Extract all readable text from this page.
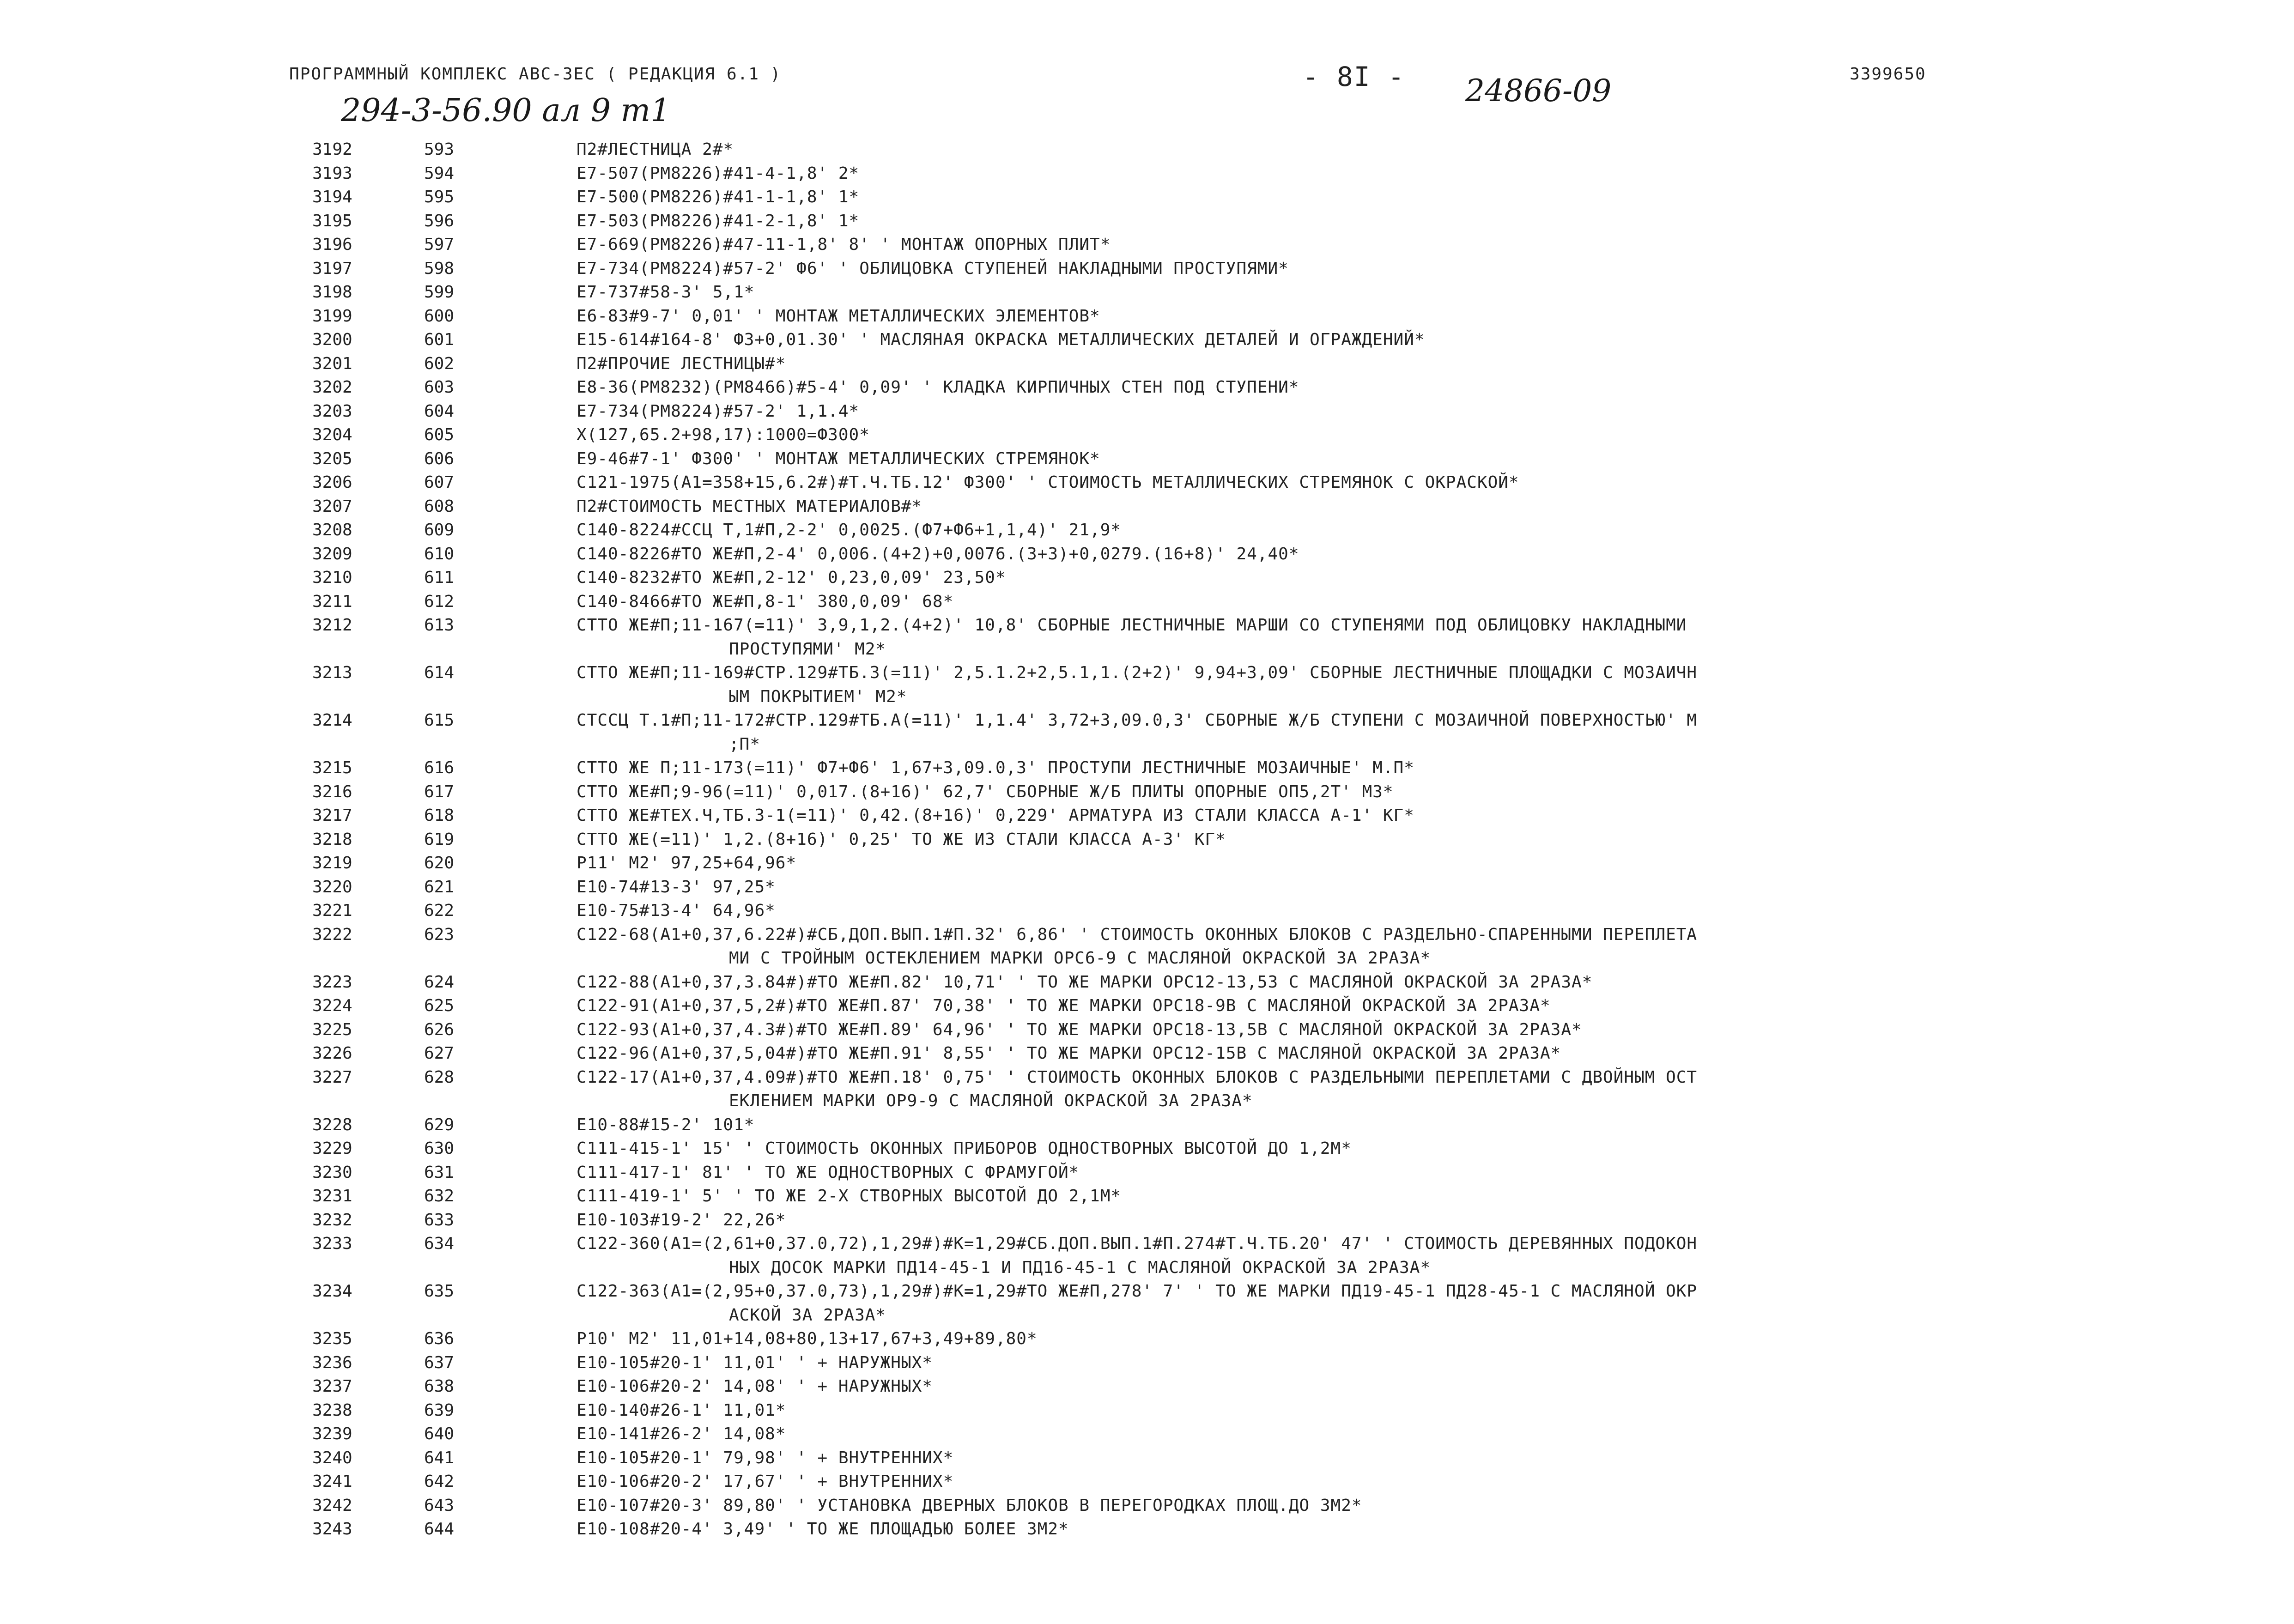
ПРОГРАММНЫЙ КОМПЛЕКС АВС-3ЕС ( РЕДАКЦИЯ 6.1 )	- 8I - 24866-09	3399650
294-3-56.90 ал 9 т1
3192	593	П2#ЛЕСТНИЦА 2#*
3193	594	Е7-507(РМ8226)#41-4-1,8' 2*
3194	595	Е7-500(РМ8226)#41-1-1,8' 1*
3195	596	Е7-503(РМ8226)#41-2-1,8' 1*
3196	597	Е7-669(РМ8226)#47-11-1,8' 8' ' МОНТАЖ ОПОРНЫХ ПЛИТ*
3197	598	Е7-734(РМ8224)#57-2' Ф6' ' ОБЛИЦОВКА СТУПЕНЕЙ НАКЛАДНЫМИ ПРОСТУПЯМИ*
3198	599	Е7-737#58-3' 5,1*
3199	600	Е6-83#9-7' 0,01' ' МОНТАЖ МЕТАЛЛИЧЕСКИХ ЭЛЕМЕНТОВ*
3200	601	Е15-614#164-8' Ф3+0,01.30' ' МАСЛЯНАЯ ОКРАСКА МЕТАЛЛИЧЕСКИХ ДЕТАЛЕЙ И ОГРАЖДЕНИЙ*
3201	602	П2#ПРОЧИЕ ЛЕСТНИЦЫ#*
3202	603	Е8-36(РМ8232)(РМ8466)#5-4' 0,09' ' КЛАДКА КИРПИЧНЫХ СТЕН ПОД СТУПЕНИ*
3203	604	Е7-734(РМ8224)#57-2' 1,1.4*
3204	605	Х(127,65.2+98,17):1000=Ф300*
3205	606	Е9-46#7-1' Ф300' ' МОНТАЖ МЕТАЛЛИЧЕСКИХ СТРЕМЯНОК*
3206	607	С121-1975(А1=358+15,6.2#)#Т.Ч.ТБ.12' Ф300' ' СТОИМОСТЬ МЕТАЛЛИЧЕСКИХ СТРЕМЯНОК С ОКРАСКОЙ*
3207	608	П2#СТОИМОСТЬ МЕСТНЫХ МАТЕРИАЛОВ#*
3208	609	С140-8224#ССЦ Т,1#П,2-2' 0,0025.(Ф7+Ф6+1,1,4)' 21,9*
3209	610	С140-8226#ТО ЖЕ#П,2-4' 0,006.(4+2)+0,0076.(3+3)+0,0279.(16+8)' 24,40*
3210	611	С140-8232#ТО ЖЕ#П,2-12' 0,23,0,09' 23,50*
3211	612	С140-8466#ТО ЖЕ#П,8-1' 380,0,09' 68*
3212	613	СТТО ЖЕ#П;11-167(=11)' 3,9,1,2.(4+2)' 10,8' СБОРНЫЕ ЛЕСТНИЧНЫЕ МАРШИ СО СТУПЕНЯМИ ПОД ОБЛИЦОВКУ НАКЛАДНЫМИ
ПРОСТУПЯМИ' М2*
3213	614	СТТО ЖЕ#П;11-169#СТР.129#ТБ.3(=11)' 2,5.1.2+2,5.1,1.(2+2)' 9,94+3,09' СБОРНЫЕ ЛЕСТНИЧНЫЕ ПЛОЩАДКИ С МОЗАИЧН
ЫМ ПОКРЫТИЕМ' М2*
3214	615	СТССЦ Т.1#П;11-172#СТР.129#ТБ.А(=11)' 1,1.4' 3,72+3,09.0,3' СБОРНЫЕ Ж/Б СТУПЕНИ С МОЗАИЧНОЙ ПОВЕРХНОСТЬЮ' М
;П*
3215	616	СТТО ЖЕ П;11-173(=11)' Ф7+Ф6' 1,67+3,09.0,3' ПРОСТУПИ ЛЕСТНИЧНЫЕ МОЗАИЧНЫЕ' М.П*
3216	617	СТТО ЖЕ#П;9-96(=11)' 0,017.(8+16)' 62,7' СБОРНЫЕ Ж/Б ПЛИТЫ ОПОРНЫЕ ОП5,2Т' М3*
3217	618	СТТО ЖЕ#ТЕХ.Ч,ТБ.3-1(=11)' 0,42.(8+16)' 0,229' АРМАТУРА ИЗ СТАЛИ КЛАССА А-1' КГ*
3218	619	СТТО ЖЕ(=11)' 1,2.(8+16)' 0,25' ТО ЖЕ ИЗ СТАЛИ КЛАССА А-3' КГ*
3219	620	Р11' М2' 97,25+64,96*
3220	621	Е10-74#13-3' 97,25*
3221	622	Е10-75#13-4' 64,96*
3222	623	С122-68(А1+0,37,6.22#)#СБ,ДОП.ВЫП.1#П.32' 6,86' ' СТОИМОСТЬ ОКОННЫХ БЛОКОВ С РАЗДЕЛЬНО-СПАРЕННЫМИ ПЕРЕПЛЕТА
МИ С ТРОЙНЫМ ОСТЕКЛЕНИЕМ МАРКИ ОРС6-9 С МАСЛЯНОЙ ОКРАСКОЙ ЗА 2РАЗА*
3223	624	С122-88(А1+0,37,3.84#)#ТО ЖЕ#П.82' 10,71' ' ТО ЖЕ МАРКИ ОРС12-13,53 С МАСЛЯНОЙ ОКРАСКОЙ ЗА 2РАЗА*
3224	625	С122-91(А1+0,37,5,2#)#ТО ЖЕ#П.87' 70,38' ' ТО ЖЕ МАРКИ ОРС18-9В С МАСЛЯНОЙ ОКРАСКОЙ ЗА 2РАЗА*
3225	626	С122-93(А1+0,37,4.3#)#ТО ЖЕ#П.89' 64,96' ' ТО ЖЕ МАРКИ ОРС18-13,5В С МАСЛЯНОЙ ОКРАСКОЙ ЗА 2РАЗА*
3226	627	С122-96(А1+0,37,5,04#)#ТО ЖЕ#П.91' 8,55' ' ТО ЖЕ МАРКИ ОРС12-15В С МАСЛЯНОЙ ОКРАСКОЙ ЗА 2РАЗА*
3227	628	С122-17(А1+0,37,4.09#)#ТО ЖЕ#П.18' 0,75' ' СТОИМОСТЬ ОКОННЫХ БЛОКОВ С РАЗДЕЛЬНЫМИ ПЕРЕПЛЕТАМИ С ДВОЙНЫМ ОСТ
ЕКЛЕНИЕМ МАРКИ ОР9-9 С МАСЛЯНОЙ ОКРАСКОЙ ЗА 2РАЗА*
3228	629	Е10-88#15-2' 101*
3229	630	С111-415-1' 15' ' СТОИМОСТЬ ОКОННЫХ ПРИБОРОВ ОДНОСТВОРНЫХ ВЫСОТОЙ ДО 1,2М*
3230	631	С111-417-1' 81' ' ТО ЖЕ ОДНОСТВОРНЫХ С ФРАМУГОЙ*
3231	632	С111-419-1' 5' ' ТО ЖЕ 2-Х СТВОРНЫХ ВЫСОТОЙ ДО 2,1М*
3232	633	Е10-103#19-2' 22,26*
3233	634	С122-360(А1=(2,61+0,37.0,72),1,29#)#К=1,29#СБ.ДОП.ВЫП.1#П.274#Т.Ч.ТБ.20' 47' ' СТОИМОСТЬ ДЕРЕВЯННЫХ ПОДОКОН
НЫХ ДОСОК МАРКИ ПД14-45-1 И ПД16-45-1 С МАСЛЯНОЙ ОКРАСКОЙ ЗА 2РАЗА*
3234	635	С122-363(А1=(2,95+0,37.0,73),1,29#)#К=1,29#ТО ЖЕ#П,278' 7' ' ТО ЖЕ МАРКИ ПД19-45-1 ПД28-45-1 С МАСЛЯНОЙ ОКР
АСКОЙ ЗА 2РАЗА*
3235	636	Р10' М2' 11,01+14,08+80,13+17,67+3,49+89,80*
3236	637	Е10-105#20-1' 11,01' ' + НАРУЖНЫХ*
3237	638	Е10-106#20-2' 14,08' ' + НАРУЖНЫХ*
3238	639	Е10-140#26-1' 11,01*
3239	640	Е10-141#26-2' 14,08*
3240	641	Е10-105#20-1' 79,98' ' + ВНУТРЕННИХ*
3241	642	Е10-106#20-2' 17,67' ' + ВНУТРЕННИХ*
3242	643	Е10-107#20-3' 89,80' ' УСТАНОВКА ДВЕРНЫХ БЛОКОВ В ПЕРЕГОРОДКАХ ПЛОЩ.ДО 3М2*
3243	644	Е10-108#20-4' 3,49' ' ТО ЖЕ ПЛОЩАДЬЮ БОЛЕЕ 3М2*
